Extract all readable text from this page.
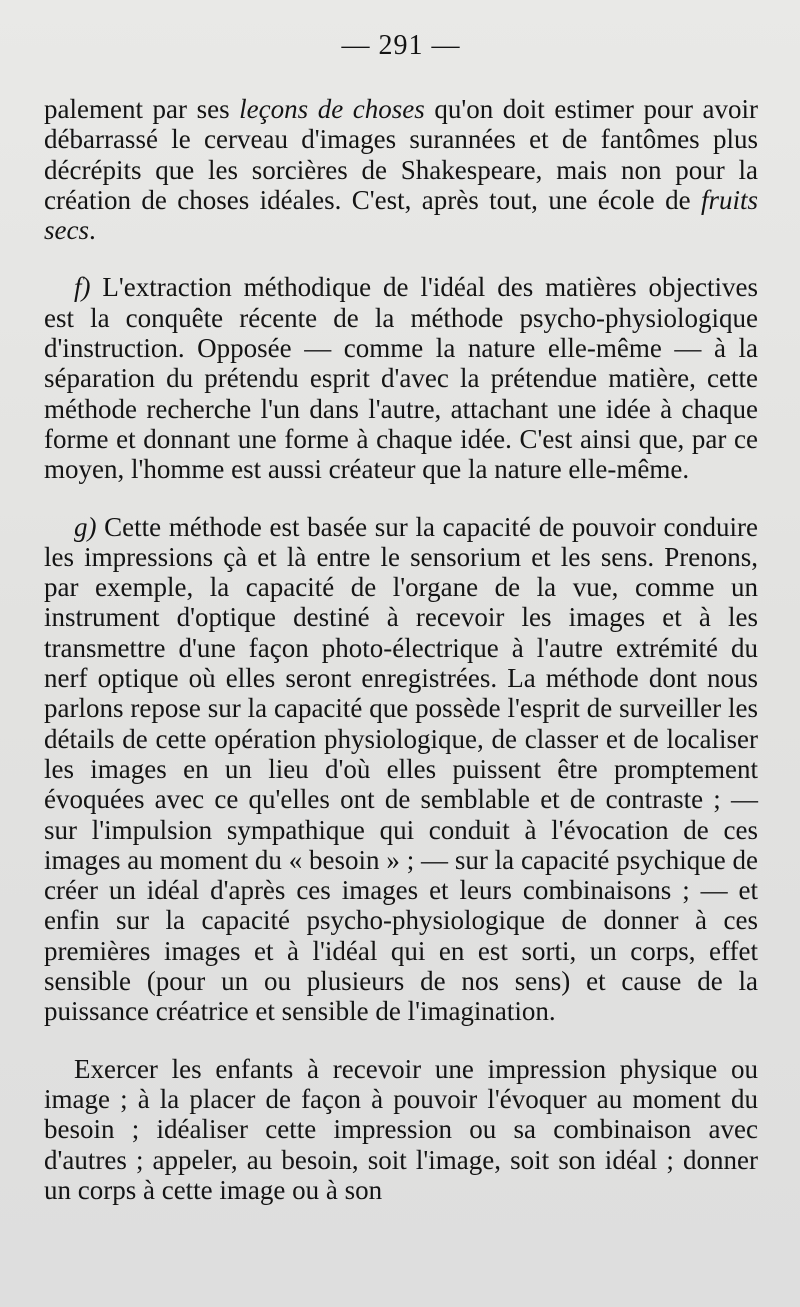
— 291 —

palement par ses leçons de choses qu'on doit estimer pour avoir débarrassé le cerveau d'images surannées et de fantômes plus décrépits que les sorcières de Shakespeare, mais non pour la création de choses idéales. C'est, après tout, une école de fruits secs.

f) L'extraction méthodique de l'idéal des matières objectives est la conquête récente de la méthode psycho-physiologique d'instruction. Opposée — comme la nature elle-même — à la séparation du prétendu esprit d'avec la prétendue matière, cette méthode recherche l'un dans l'autre, attachant une idée à chaque forme et donnant une forme à chaque idée. C'est ainsi que, par ce moyen, l'homme est aussi créateur que la nature elle-même.

g) Cette méthode est basée sur la capacité de pouvoir conduire les impressions çà et là entre le sensorium et les sens. Prenons, par exemple, la capacité de l'organe de la vue, comme un instrument d'optique destiné à recevoir les images et à les transmettre d'une façon photo-électrique à l'autre extrémité du nerf optique où elles seront enregistrées. La méthode dont nous parlons repose sur la capacité que possède l'esprit de surveiller les détails de cette opération physiologique, de classer et de localiser les images en un lieu d'où elles puissent être promptement évoquées avec ce qu'elles ont de semblable et de contraste ; — sur l'impulsion sympathique qui conduit à l'évocation de ces images au moment du « besoin » ; — sur la capacité psychique de créer un idéal d'après ces images et leurs combinaisons ; — et enfin sur la capacité psycho-physiologique de donner à ces premières images et à l'idéal qui en est sorti, un corps, effet sensible (pour un ou plusieurs de nos sens) et cause de la puissance créatrice et sensible de l'imagination.

Exercer les enfants à recevoir une impression physique ou image ; à la placer de façon à pouvoir l'évoquer au moment du besoin ; idéaliser cette impression ou sa combinaison avec d'autres ; appeler, au besoin, soit l'image, soit son idéal ; donner un corps à cette image ou à son
